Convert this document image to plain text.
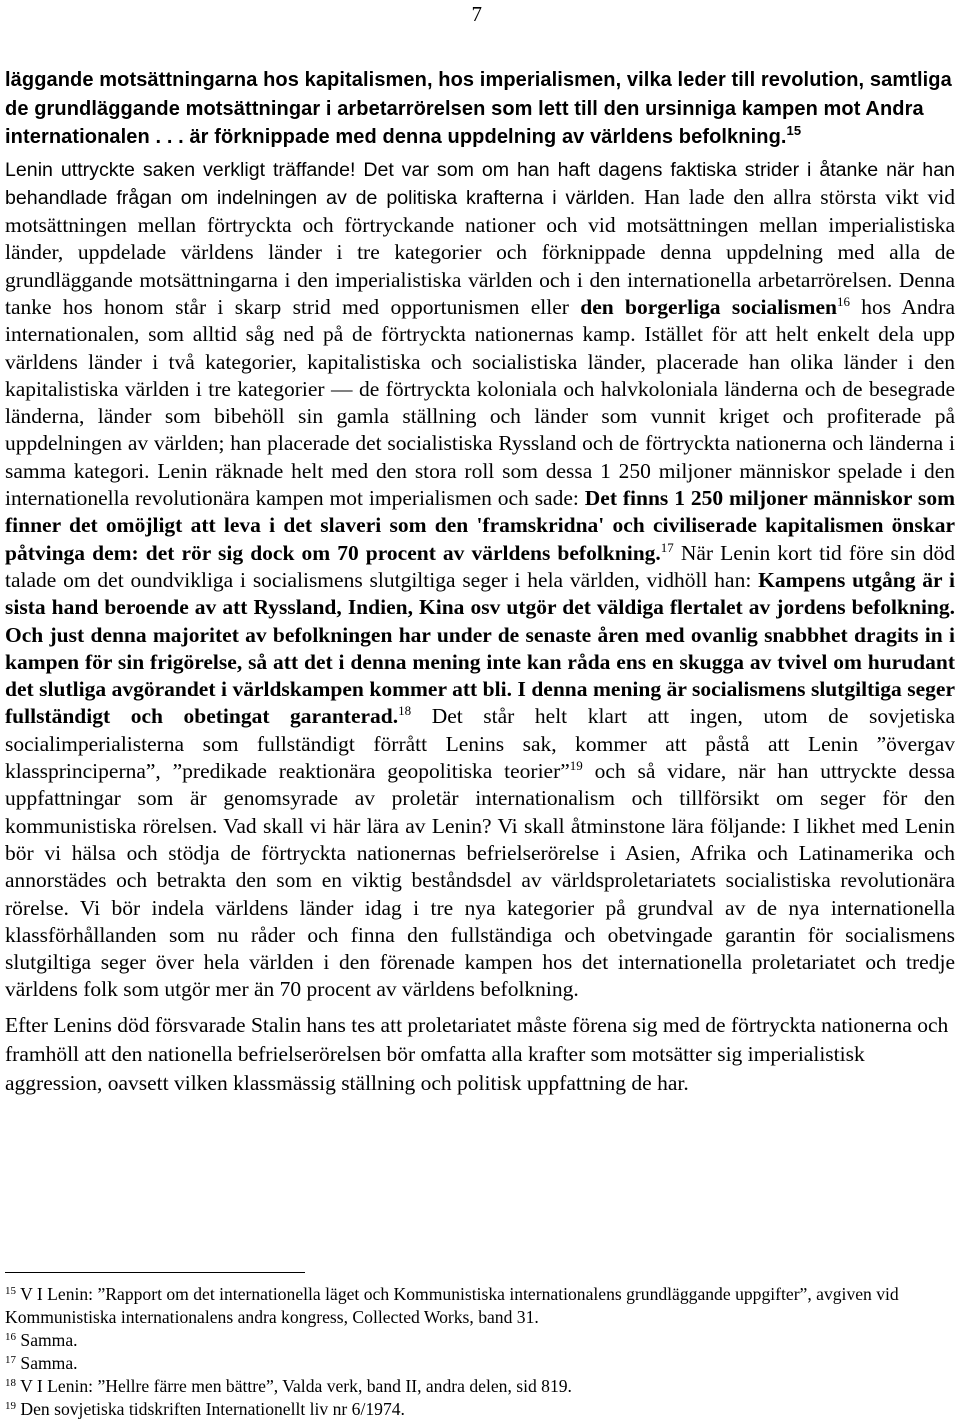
7
läggande motsättningarna hos kapitalismen, hos imperialismen, vilka leder till revolution, samtliga de grundläggande motsättningar i arbetarrörelsen som lett till den ursinniga kampen mot Andra internationalen . . . är förknippade med denna uppdelning av världens befolkning.$^{15}$
Lenin uttryckte saken verkligt träffande! Det var som om han haft dagens faktiska strider i åtanke när han behandlade frågan om indelningen av de politiska krafterna i världen. Han lade den allra största vikt vid motsättningen mellan förtryckta och förtryckande nationer och vid motsättningen mellan imperialistiska länder, uppdelade världens länder i tre kategorier och förknippade denna uppdelning med alla de grundläggande motsättningarna i den imperialistiska världen och i den internationella arbetarrörelsen. Denna tanke hos honom står i skarp strid med opportunismen eller den borgerliga socialismen$^{16}$ hos Andra internationalen, som alltid såg ned på de förtryckta nationernas kamp. Istället för att helt enkelt dela upp världens länder i två kategorier, kapitalistiska och socialistiska länder, placerade han olika länder i den kapitalistiska världen i tre kategorier — de förtryckta koloniala och halvkoloniala länderna och de besegrade länderna, länder som bibehöll sin gamla ställning och länder som vunnit kriget och profiterade på uppdelningen av världen; han placerade det socialistiska Ryssland och de förtryckta nationerna och länderna i samma kategori. Lenin räknade helt med den stora roll som dessa 1 250 miljoner människor spelade i den internationella revolutionära kampen mot imperialismen och sade: Det finns 1 250 miljoner människor som finner det omöjligt att leva i det slaveri som den 'framskridna' och civiliserade kapitalismen önskar påtvinga dem: det rör sig dock om 70 procent av världens befolkning.$^{17}$ När Lenin kort tid före sin död talade om det oundvikliga i socialismens slutgiltiga seger i hela världen, vidhöll han: Kampens utgång är i sista hand beroende av att Ryssland, Indien, Kina osv utgör det väldiga flertalet av jordens befolkning. Och just denna majoritet av befolkningen har under de senaste åren med ovanlig snabbhet dragits in i kampen för sin frigörelse, så att det i denna mening inte kan råda ens en skugga av tvivel om hurudant det slutliga avgörandet i världskampen kommer att bli. I denna mening är socialismens slutgiltiga seger fullständigt och obetingat garanterad.$^{18}$ Det står helt klart att ingen, utom de sovjetiska socialimperialisterna som fullständigt förrått Lenins sak, kommer att påstå att Lenin ”övergav klassprinciperna”, ”predikade reaktionära geopolitiska teorier”$^{19}$ och så vidare, när han uttryckte dessa uppfattningar som är genomsyrade av proletär internationalism och tillförsikt om seger för den kommunistiska rörelsen. Vad skall vi här lära av Lenin? Vi skall åtminstone lära följande: I likhet med Lenin bör vi hälsa och stödja de förtryckta nationernas befrielserörelse i Asien, Afrika och Latinamerika och annorstädes och betrakta den som en viktig beståndsdel av världsproletariatets socialistiska revolutionära rörelse. Vi bör indela världens länder idag i tre nya kategorier på grundval av de nya internationella klassförhållanden som nu råder och finna den fullständiga och obetvingade garantin för socialismens slutgiltiga seger över hela världen i den förenade kampen hos det internationella proletariatet och tredje världens folk som utgör mer än 70 procent av världens befolkning.
Efter Lenins död försvarade Stalin hans tes att proletariatet måste förena sig med de förtryckta nationerna och framhöll att den nationella befrielserörelsen bör omfatta alla krafter som motsätter sig imperialistisk aggression, oavsett vilken klassmässig ställning och politisk uppfattning de har.
$^{15}$ V I Lenin: ”Rapport om det internationella läget och Kommunistiska internationalens grundläggande uppgifter”, avgiven vid Kommunistiska internationalens andra kongress, Collected Works, band 31.
$^{16}$ Samma.
$^{17}$ Samma.
$^{18}$ V I Lenin: ”Hellre färre men bättre”, Valda verk, band II, andra delen, sid 819.
$^{19}$ Den sovjetiska tidskriften Internationellt liv nr 6/1974.
